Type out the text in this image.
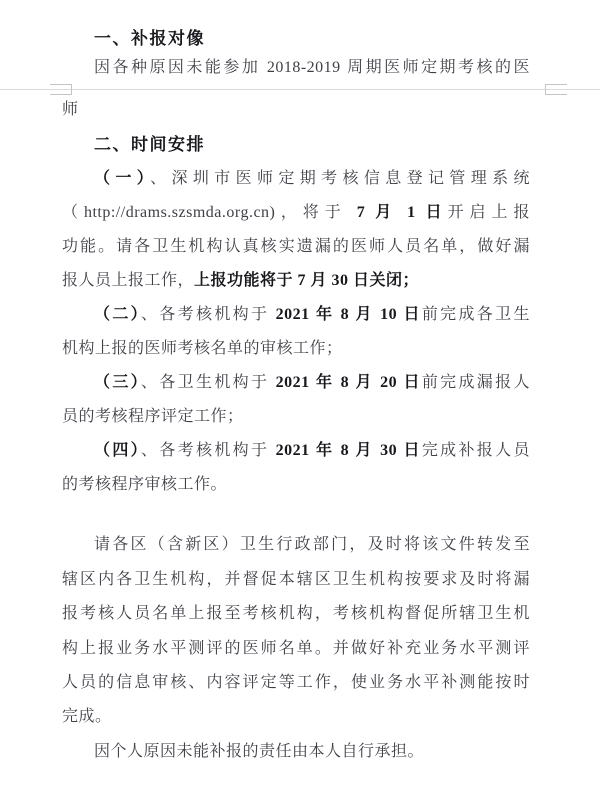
一、补报对像
因各种原因未能参加 2018-2019 周期医师定期考核的医
师
二、时间安排
（一）、深圳市医师定期考核信息登记管理系统
（http://drams.szsmda.org.cn)，将于 7 月 1 日开启上报
功能。请各卫生机构认真核实遗漏的医师人员名单，做好漏
报人员上报工作，上报功能将于 7 月 30 日关闭；
（二）、各考核机构于 2021 年 8 月 10 日前完成各卫生
机构上报的医师考核名单的审核工作；
（三）、各卫生机构于 2021 年 8 月 20 日前完成漏报人
员的考核程序评定工作；
（四）、各考核机构于 2021 年 8 月 30 日完成补报人员
的考核程序审核工作。
请各区（含新区）卫生行政部门，及时将该文件转发至
辖区内各卫生机构，并督促本辖区卫生机构按要求及时将漏
报考核人员名单上报至考核机构，考核机构督促所辖卫生机
构上报业务水平测评的医师名单。并做好补充业务水平测评
人员的信息审核、内容评定等工作，使业务水平补测能按时
完成。
因个人原因未能补报的责任由本人自行承担。
